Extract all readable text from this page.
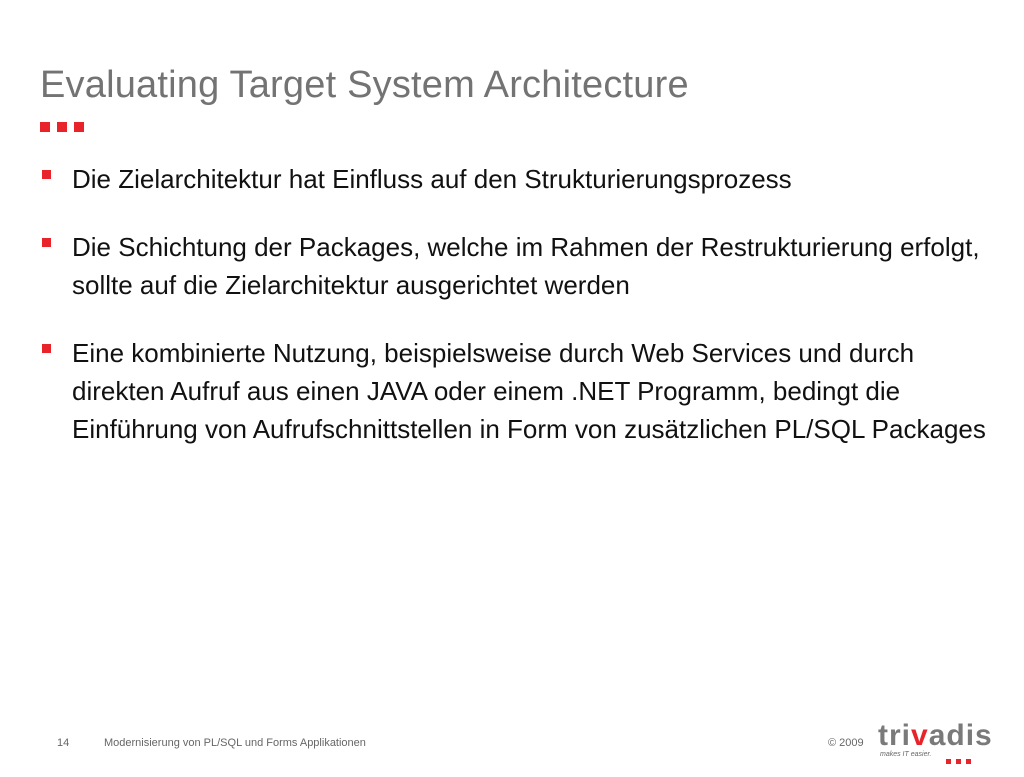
Evaluating Target System Architecture
Die Zielarchitektur hat Einfluss auf den Strukturierungsprozess
Die Schichtung der Packages, welche im Rahmen der Restrukturierung erfolgt, sollte auf die Zielarchitektur ausgerichtet werden
Eine kombinierte Nutzung, beispielsweise durch Web Services und durch direkten Aufruf aus einen JAVA oder einem .NET Programm, bedingt die Einführung von Aufrufschnittstellen in Form von zusätzlichen PL/SQL Packages
14	Modernisierung von PL/SQL und Forms Applikationen	© 2009 trivadis
makes IT easier.
